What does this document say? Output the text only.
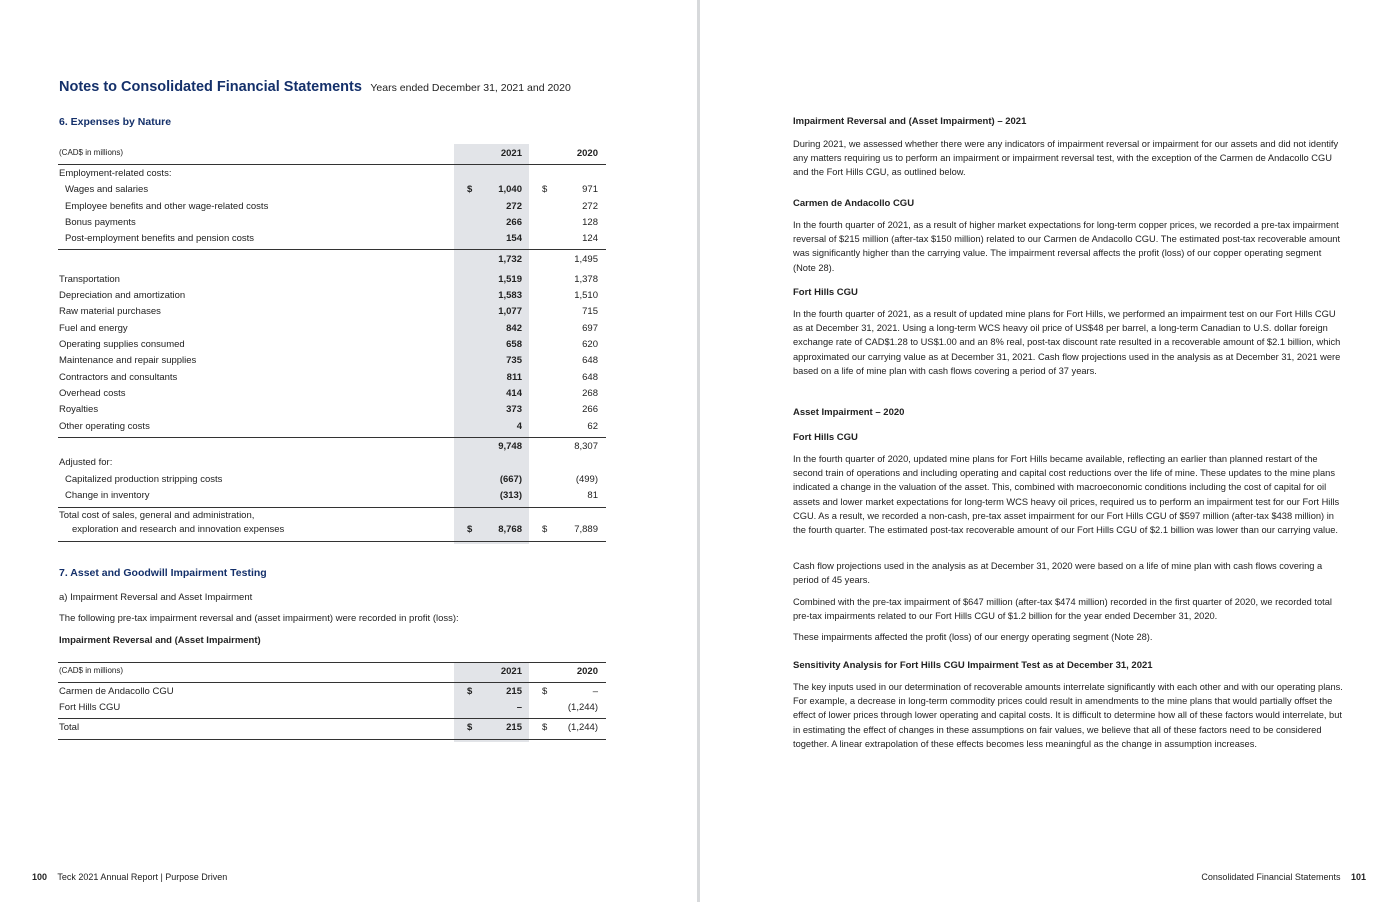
Notes to Consolidated Financial Statements Years ended December 31, 2021 and 2020
6. Expenses by Nature
(CAD$ in millions)	2021	2020
Employment-related costs:
Wages and salaries	$	1,040 $	971
Employee benefits and other wage-related costs	272	272
Bonus payments	266	128
Post-employment benefits and pension costs	154	124
1,732	1,495
Transportation	1,519	1,378
Depreciation and amortization	1,583	1,510
Raw material purchases	1,077	715
Fuel and energy	842	697
Operating supplies consumed	658	620
Maintenance and repair supplies	735	648
Contractors and consultants	811	648
Overhead costs	414	268
Royalties	373	266
Other operating costs	4	62
9,748	8,307
Adjusted for:
Capitalized production stripping costs	(667)	(499)
Change in inventory	(313)	81
Total cost of sales, general and administration,
exploration and research and innovation expenses	$	8,768 $	7,889
7. Asset and Goodwill Impairment Testing
a) Impairment Reversal and Asset Impairment
The following pre-tax impairment reversal and (asset impairment) were recorded in profit (loss):
Impairment Reversal and (Asset Impairment)
(CAD$ in millions)	2021	2020
Carmen de Andacollo CGU	$	215 $	–
Fort Hills CGU	–	(1,244)
Total	$	215 $ (1,244)
100 Teck 2021 Annual Report | Purpose Driven
Impairment Reversal and (Asset Impairment) – 2021

During 2021, we assessed whether there were any indicators of impairment reversal or impairment for our assets and did not identify any matters requiring us to perform an impairment or impairment reversal test, with the exception of the Carmen de Andacollo CGU and the Fort Hills CGU, as outlined below.

Carmen de Andacollo CGU

In the fourth quarter of 2021, as a result of higher market expectations for long-term copper prices, we recorded a pre-tax impairment reversal of $215 million (after-tax $150 million) related to our Carmen de Andacollo CGU. The estimated post-tax recoverable amount was significantly higher than the carrying value. The impairment reversal affects the profit (loss) of our copper operating segment (Note 28).

Fort Hills CGU

In the fourth quarter of 2021, as a result of updated mine plans for Fort Hills, we performed an impairment test on our Fort Hills CGU as at December 31, 2021. Using a long-term WCS heavy oil price of US$48 per barrel, a long-term Canadian to U.S. dollar foreign exchange rate of CAD$1.28 to US$1.00 and an 8% real, post-tax discount rate resulted in a recoverable amount of $2.1 billion, which approximated our carrying value as at December 31, 2021. Cash flow projections used in the analysis as at December 31, 2021 were based on a life of mine plan with cash flows covering a period of 37 years.

Asset Impairment – 2020
Fort Hills CGU

In the fourth quarter of 2020, updated mine plans for Fort Hills became available, reflecting an earlier than planned restart of the second train of operations and including operating and capital cost reductions over the life of mine. These updates to the mine plans indicated a change in the valuation of the asset. This, combined with macroeconomic conditions including the cost of capital for oil assets and lower market expectations for long-term WCS heavy oil prices, required us to perform an impairment test for our Fort Hills CGU. As a result, we recorded a non-cash, pre-tax asset impairment for our Fort Hills CGU of $597 million (after-tax $438 million) in the fourth quarter. The estimated post-tax recoverable amount of our Fort Hills CGU of $2.1 billion was lower than our carrying value.

Cash flow projections used in the analysis as at December 31, 2020 were based on a life of mine plan with cash flows covering a period of 45 years.

Combined with the pre-tax impairment of $647 million (after-tax $474 million) recorded in the first quarter of 2020, we recorded total pre-tax impairments related to our Fort Hills CGU of $1.2 billion for the year ended December 31, 2020.

These impairments affected the profit (loss) of our energy operating segment (Note 28).

Sensitivity Analysis for Fort Hills CGU Impairment Test as at December 31, 2021

The key inputs used in our determination of recoverable amounts interrelate significantly with each other and with our operating plans. For example, a decrease in long-term commodity prices could result in amendments to the mine plans that would partially offset the effect of lower prices through lower operating and capital costs. It is difficult to determine how all of these factors would interrelate, but in estimating the effect of changes in these assumptions on fair values, we believe that all of these factors need to be considered together. A linear extrapolation of these effects becomes less meaningful as the change in assumption increases.

Consolidated Financial Statements 101
